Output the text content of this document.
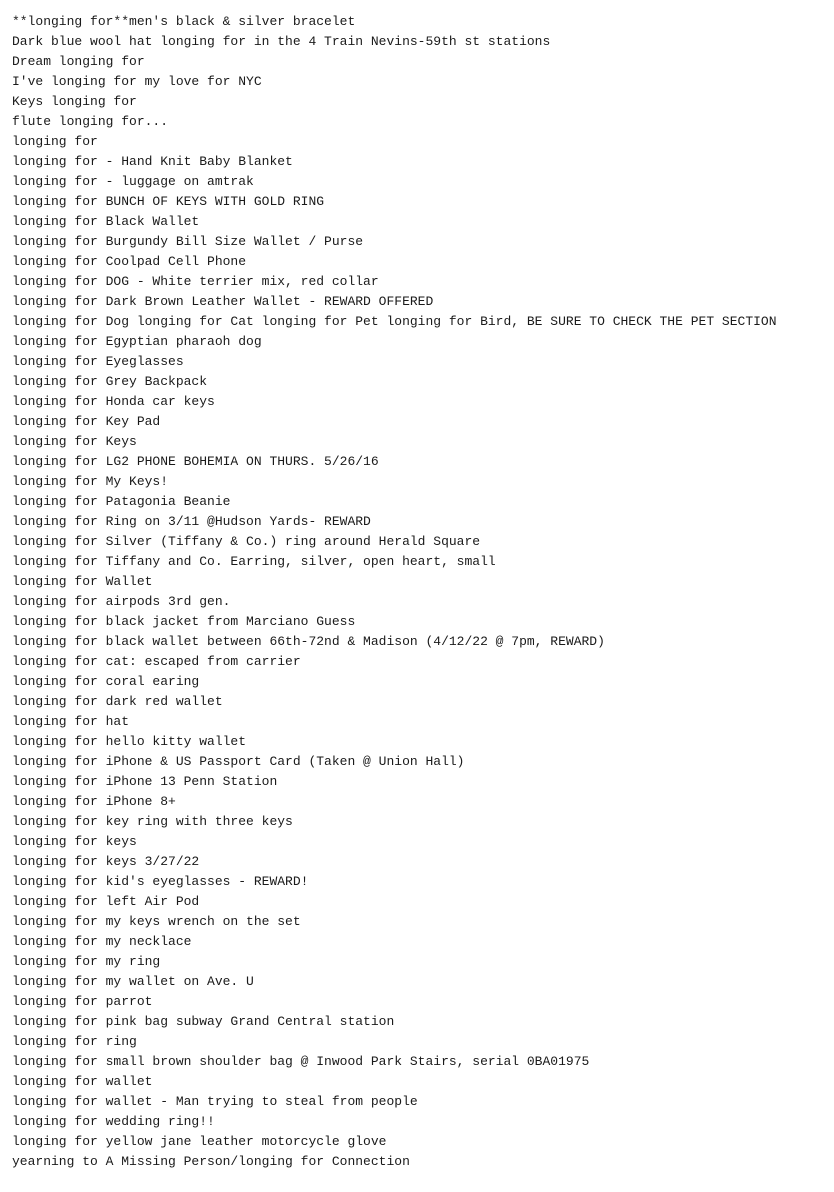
**longing for**men's black & silver bracelet
Dark blue wool hat longing for in the 4 Train Nevins-59th st stations
Dream longing for
I've longing for my love for NYC
Keys longing for
flute longing for...
longing for
longing for - Hand Knit Baby Blanket
longing for - luggage on amtrak
longing for BUNCH OF KEYS WITH GOLD RING
longing for Black Wallet
longing for Burgundy Bill Size Wallet / Purse
longing for Coolpad Cell Phone
longing for DOG - White terrier mix, red collar
longing for Dark Brown Leather Wallet - REWARD OFFERED
longing for Dog longing for Cat longing for Pet longing for Bird, BE SURE TO CHECK THE PET SECTION
longing for Egyptian pharaoh dog
longing for Eyeglasses
longing for Grey Backpack
longing for Honda car keys
longing for Key Pad
longing for Keys
longing for LG2 PHONE BOHEMIA ON THURS. 5/26/16
longing for My Keys!
longing for Patagonia Beanie
longing for Ring on 3/11 @Hudson Yards- REWARD
longing for Silver (Tiffany & Co.) ring around Herald Square
longing for Tiffany and Co. Earring, silver, open heart, small
longing for Wallet
longing for airpods 3rd gen.
longing for black jacket from Marciano Guess
longing for black wallet between 66th-72nd & Madison (4/12/22 @ 7pm, REWARD)
longing for cat: escaped from carrier
longing for coral earing
longing for dark red wallet
longing for hat
longing for hello kitty wallet
longing for iPhone & US Passport Card (Taken @ Union Hall)
longing for iPhone 13 Penn Station
longing for iPhone 8+
longing for key ring with three keys
longing for keys
longing for keys 3/27/22
longing for kid's eyeglasses - REWARD!
longing for left Air Pod
longing for my keys wrench on the set
longing for my necklace
longing for my ring
longing for my wallet on Ave. U
longing for parrot
longing for pink bag subway Grand Central station
longing for ring
longing for small brown shoulder bag @ Inwood Park Stairs, serial 0BA01975
longing for wallet
longing for wallet - Man trying to steal from people
longing for wedding ring!!
longing for yellow jane leather motorcycle glove
yearning to A Missing Person/longing for Connection
